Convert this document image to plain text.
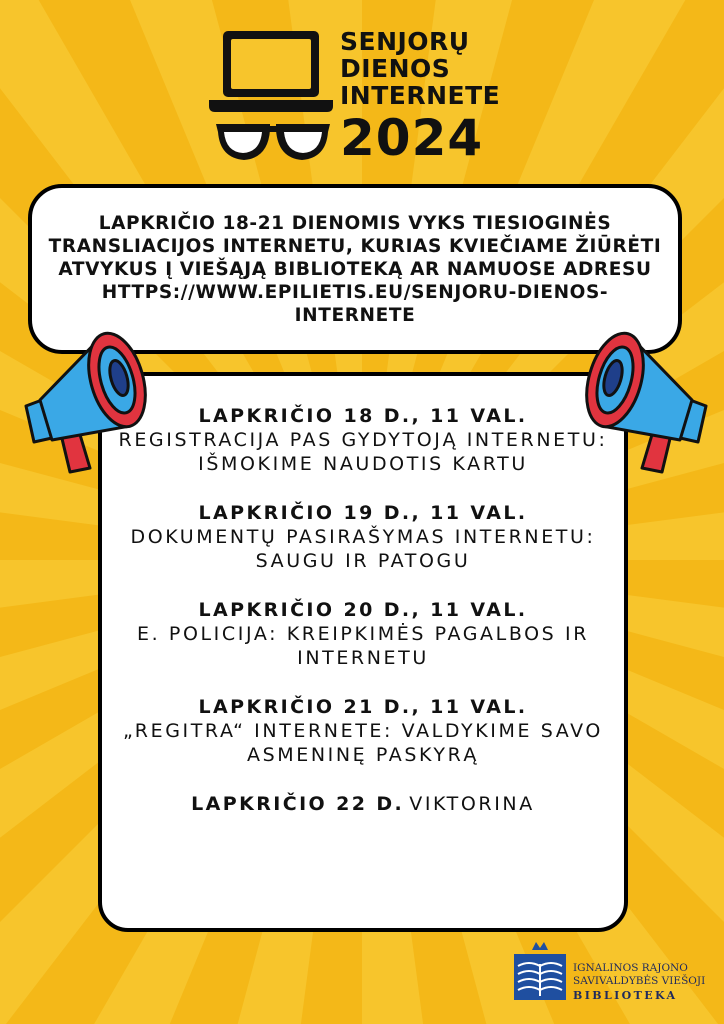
SENJORŲ

DIENOS

INTERNETE

2024

LAPKRIČIO 18-21 DIENOMIS VYKS TIESIOGINĖS TRANSLIACIJOS INTERNETU, KURIAS KVIEČIAME ŽIŪRĖTI ATVYKUS Į VIEŠĄJĄ BIBLIOTEKĄ AR NAMUOSE ADRESU HTTPS://WWW.EPILIETIS.EU/SENJORU-DIENOS-INTERNETE

LAPKRIČIO 18 D., 11 VAL.

REGISTRACIJA PAS GYDYTOJĄ INTERNETU: IŠMOKIME NAUDOTIS KARTU

LAPKRIČIO 19 D., 11 VAL.

DOKUMENTŲ PASIRAŠYMAS INTERNETU: SAUGU IR PATOGU

LAPKRIČIO 20 D., 11 VAL.

E. POLICIJA: KREIPKIMĖS PAGALBOS IR INTERNETU

LAPKRIČIO 21 D., 11 VAL.

„REGITRA“ INTERNETE: VALDYKIME SAVO ASMENINĘ PASKYRĄ

LAPKRIČIO 22 D.

VIKTORINA

IGNALINOS RAJONO

SAVIVALDYBĖS VIEŠOJI

BIBLIOTEKA
